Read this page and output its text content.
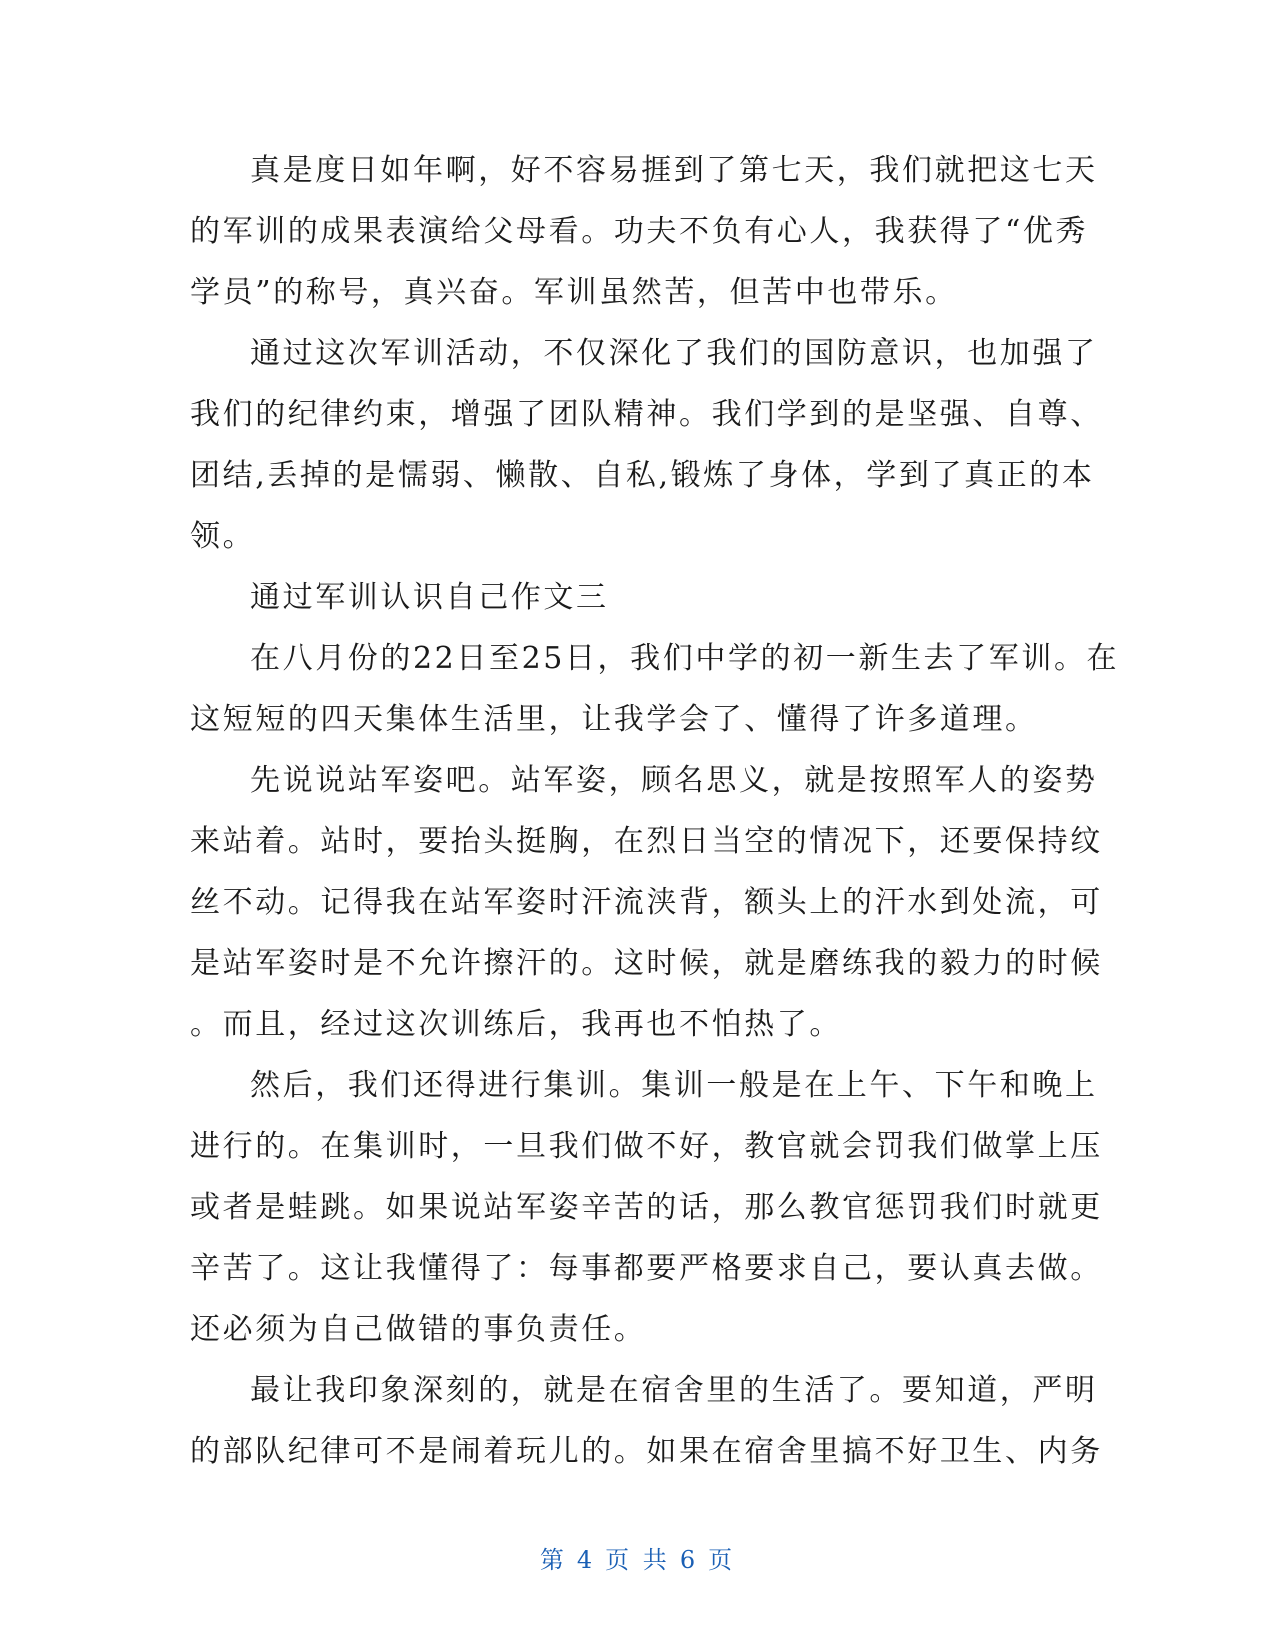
真是度日如年啊，好不容易捱到了第七天，我们就把这七天
的军训的成果表演给父母看。功夫不负有心人，我获得了“优秀
学员”的称号，真兴奋。军训虽然苦，但苦中也带乐。
通过这次军训活动，不仅深化了我们的国防意识，也加强了
我们的纪律约束，增强了团队精神。我们学到的是坚强、自尊、
团结,丢掉的是懦弱、懒散、自私,锻炼了身体，学到了真正的本
领。
通过军训认识自己作文三
在八月份的22日至25日，我们中学的初一新生去了军训。在
这短短的四天集体生活里，让我学会了、懂得了许多道理。
先说说站军姿吧。站军姿，顾名思义，就是按照军人的姿势
来站着。站时，要抬头挺胸，在烈日当空的情况下，还要保持纹
丝不动。记得我在站军姿时汗流浃背，额头上的汗水到处流，可
是站军姿时是不允许擦汗的。这时候，就是磨练我的毅力的时候
。而且，经过这次训练后，我再也不怕热了。
然后，我们还得进行集训。集训一般是在上午、下午和晚上
进行的。在集训时，一旦我们做不好，教官就会罚我们做掌上压
或者是蛙跳。如果说站军姿辛苦的话，那么教官惩罚我们时就更
辛苦了。这让我懂得了：每事都要严格要求自己，要认真去做。
还必须为自己做错的事负责任。
最让我印象深刻的，就是在宿舍里的生活了。要知道，严明
的部队纪律可不是闹着玩儿的。如果在宿舍里搞不好卫生、内务
第 4 页 共 6 页
